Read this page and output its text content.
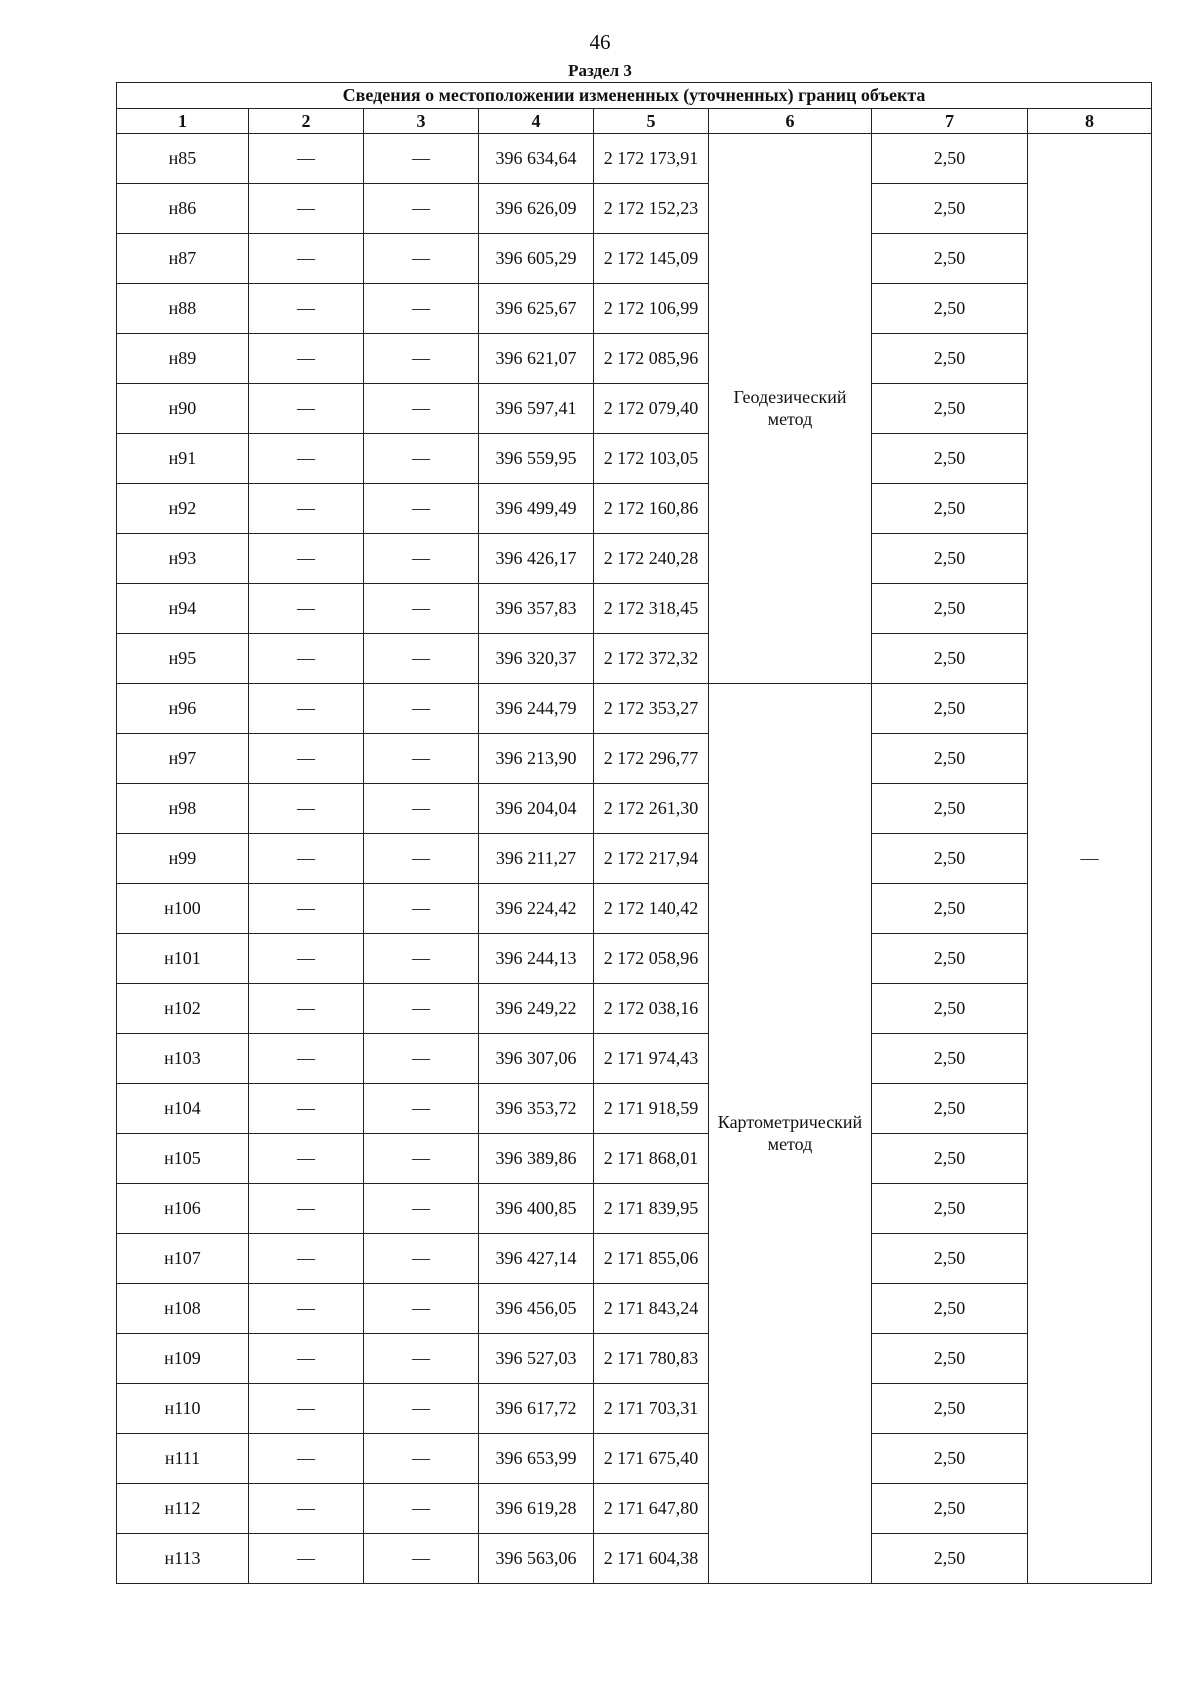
46
Раздел 3
Сведения о местоположении измененных (уточненных) границ объекта							
1	2	3	4	5	6	7	8
н85	—	—	396 634,64	2 172 173,91	Геодезический метод	2,50	—
н86	—	—	396 626,09	2 172 152,23		2,50	
н87	—	—	396 605,29	2 172 145,09		2,50	
н88	—	—	396 625,67	2 172 106,99		2,50	
н89	—	—	396 621,07	2 172 085,96		2,50	
н90	—	—	396 597,41	2 172 079,40		2,50	
н91	—	—	396 559,95	2 172 103,05		2,50	
н92	—	—	396 499,49	2 172 160,86		2,50	
н93	—	—	396 426,17	2 172 240,28		2,50	
н94	—	—	396 357,83	2 172 318,45		2,50	
н95	—	—	396 320,37	2 172 372,32		2,50	
н96	—	—	396 244,79	2 172 353,27	Картометрический метод	2,50	
н97	—	—	396 213,90	2 172 296,77		2,50	
н98	—	—	396 204,04	2 172 261,30		2,50	
н99	—	—	396 211,27	2 172 217,94		2,50	
н100	—	—	396 224,42	2 172 140,42		2,50	
н101	—	—	396 244,13	2 172 058,96		2,50	
н102	—	—	396 249,22	2 172 038,16		2,50	
н103	—	—	396 307,06	2 171 974,43		2,50	
н104	—	—	396 353,72	2 171 918,59		2,50	
н105	—	—	396 389,86	2 171 868,01		2,50	
н106	—	—	396 400,85	2 171 839,95		2,50	
н107	—	—	396 427,14	2 171 855,06		2,50	
н108	—	—	396 456,05	2 171 843,24		2,50	
н109	—	—	396 527,03	2 171 780,83		2,50	
н110	—	—	396 617,72	2 171 703,31		2,50	
н111	—	—	396 653,99	2 171 675,40		2,50	
н112	—	—	396 619,28	2 171 647,80		2,50	
н113	—	—	396 563,06	2 171 604,38		2,50	
